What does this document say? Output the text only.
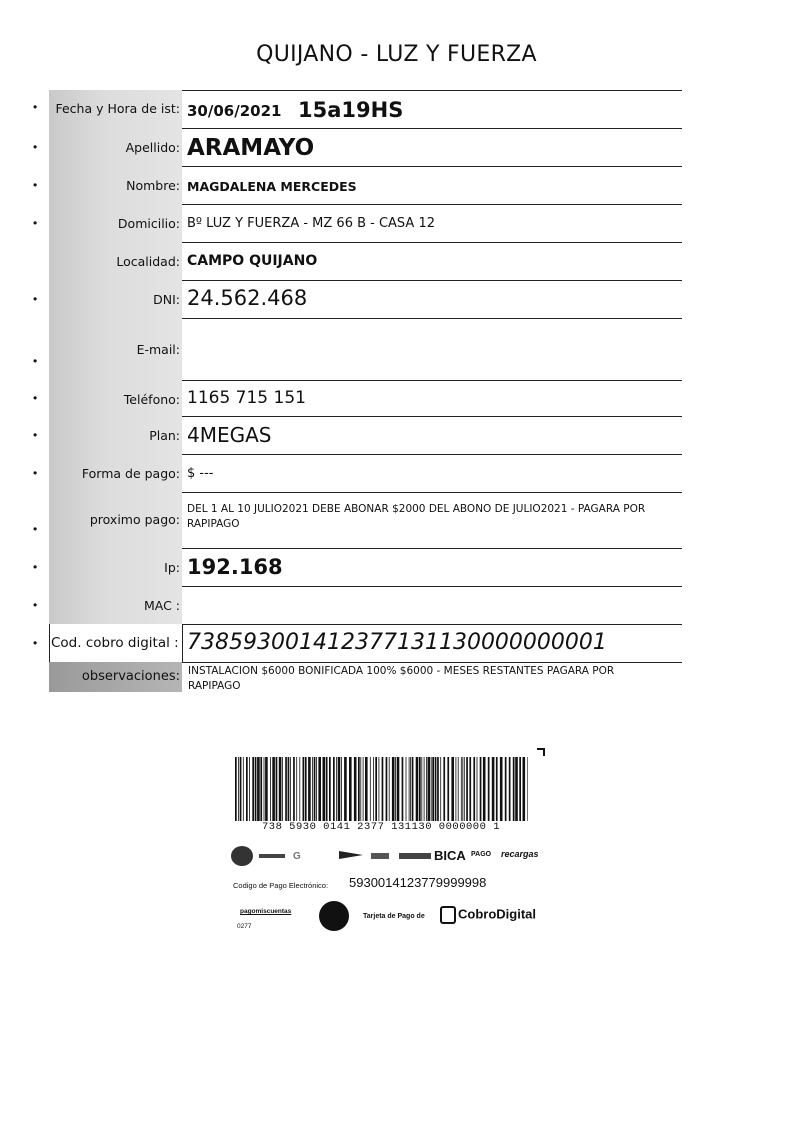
QUIJANO - LUZ Y FUERZA
• Fecha y Hora de ist: 30/06/2021 15a19HS
•	Apellido: ARAMAYO
•	Nombre: MAGDALENA MERCEDES
•	Domicilio: Bº LUZ Y FUERZA - MZ 66 B - CASA 12
Localidad: CAMPO QUIJANO
•	DNI: 24.562.468
•
E-mail:
•	Teléfono: 1165 715 151
•	Plan: 4MEGAS
•	Forma de pago: $ ---
•
proximo pago:
DEL 1 AL 10 JULIO2021 DEBE ABONAR $2000 DEL ABONO DE JULIO2021 - PAGARA POR RAPIPAGO
•	Ip: 192.168
•	MAC :
• Cod. cobro digital : 738593001412377131130000000001
observaciones: INSTALACION $6000 BONIFICADA 100% $6000 - MESES RESTANTES PAGARA POR RAPIPAGO
738 5930 0141 2377 131130 0000000 1
G	BICA PAGO recargas
Codigo de Pago Electrónico: 5930014123779999998
pagomiscuentas
Tarjeta de Pago de	CobroDigital
0277
